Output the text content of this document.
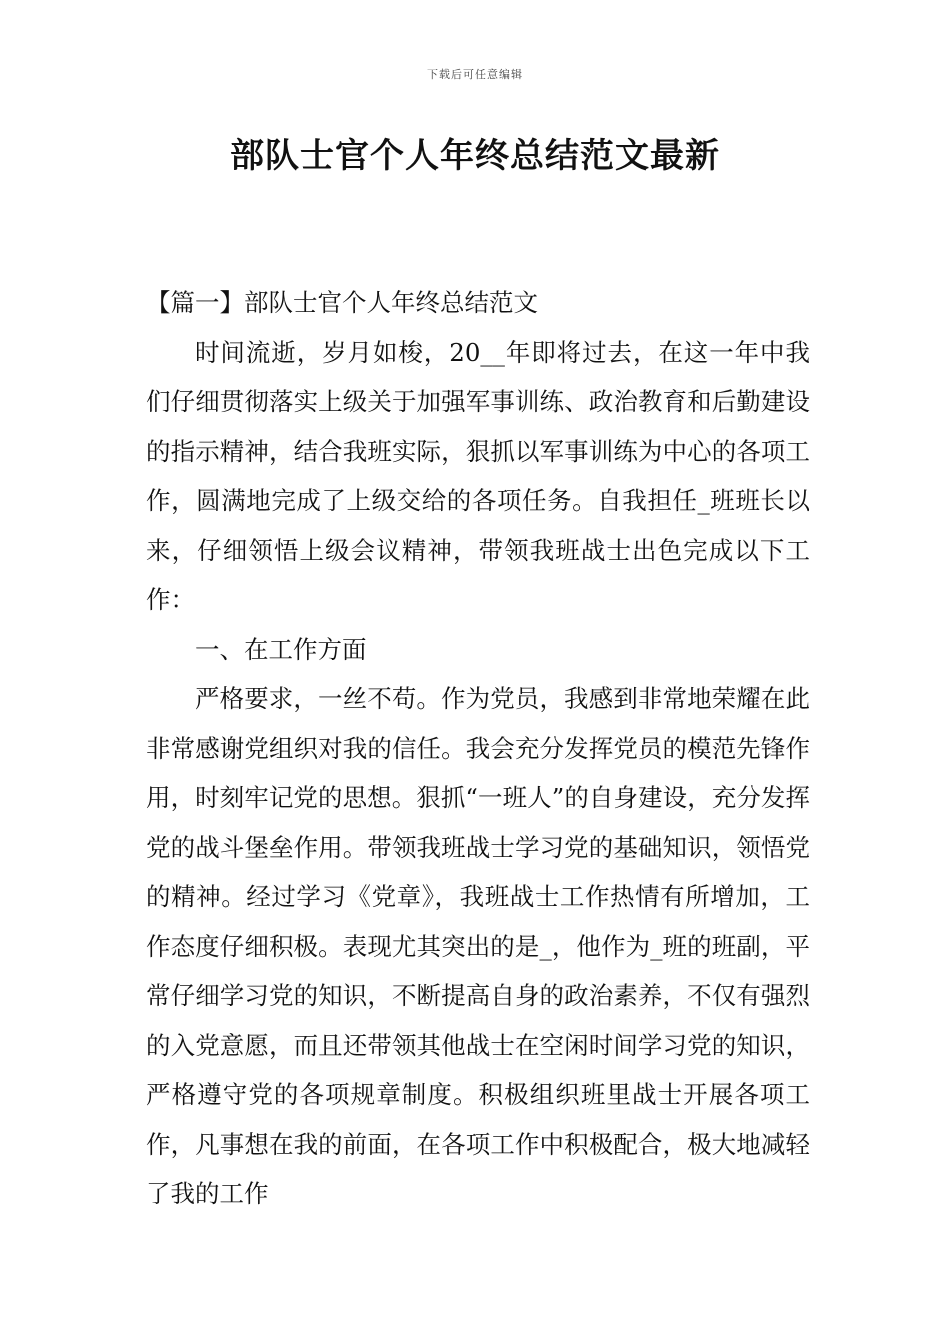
下载后可任意编辑
部队士官个人年终总结范文最新

【篇一】部队士官个人年终总结范文

时间流逝，岁月如梭，20__年即将过去，在这一年中我们仔细贯彻落实上级关于加强军事训练、政治教育和后勤建设的指示精神，结合我班实际，狠抓以军事训练为中心的各项工作，圆满地完成了上级交给的各项任务。自我担任_班班长以来，仔细领悟上级会议精神，带领我班战士出色完成以下工作：

一、在工作方面

严格要求，一丝不苟。作为党员，我感到非常地荣耀在此非常感谢党组织对我的信任。我会充分发挥党员的模范先锋作用，时刻牢记党的思想。狠抓“一班人”的自身建设，充分发挥党的战斗堡垒作用。带领我班战士学习党的基础知识，领悟党的精神。经过学习《党章》，我班战士工作热情有所增加，工作态度仔细积极。表现尤其突出的是_，他作为_班的班副，平常仔细学习党的知识，不断提高自身的政治素养，不仅有强烈的入党意愿，而且还带领其他战士在空闲时间学习党的知识，严格遵守党的各项规章制度。积极组织班里战士开展各项工作，凡事想在我的前面，在各项工作中积极配合，极大地减轻了我的工作
